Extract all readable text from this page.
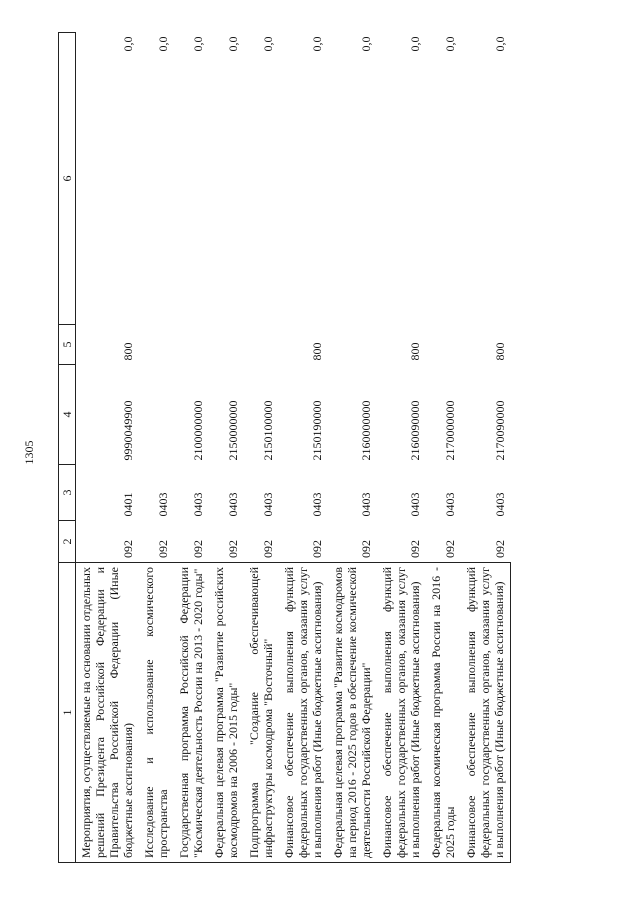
1305
1	2	3	4	5	6
Мероприятия, осуществляемые на основании отдельных решений Президента Российской Федерации и Правительства Российской Федерации (Иные бюджетные ассигнования)	092	0401	9990049900	800	0,0
Исследование и использование космического пространства	092	0403			0,0
Государственная программа Российской Федерации "Космическая деятельность России на 2013 - 2020 годы"	092	0403	2100000000		0,0
Федеральная целевая программа "Развитие российских космодромов на 2006 - 2015 годы"	092	0403	2150000000		0,0
Подпрограмма "Создание обеспечивающей инфраструктуры космодрома "Восточный"	092	0403	2150100000		0,0
Финансовое обеспечение выполнения функций федеральных государственных органов, оказания услуг и выполнения работ (Иные бюджетные ассигнования)	092	0403	2150190000	800	0,0
Федеральная целевая программа "Развитие космодромов на период 2016 - 2025 годов в обеспечение космической деятельности Российской Федерации"	092	0403	2160000000		0,0
Финансовое обеспечение выполнения функций федеральных государственных органов, оказания услуг и выполнения работ (Иные бюджетные ассигнования)	092	0403	2160090000	800	0,0
Федеральная космическая программа России на 2016 - 2025 годы	092	0403	2170000000		0,0
Финансовое обеспечение выполнения функций федеральных государственных органов, оказания услуг и выполнения работ (Иные бюджетные ассигнования)	092	0403	2170090000	800	0,0
